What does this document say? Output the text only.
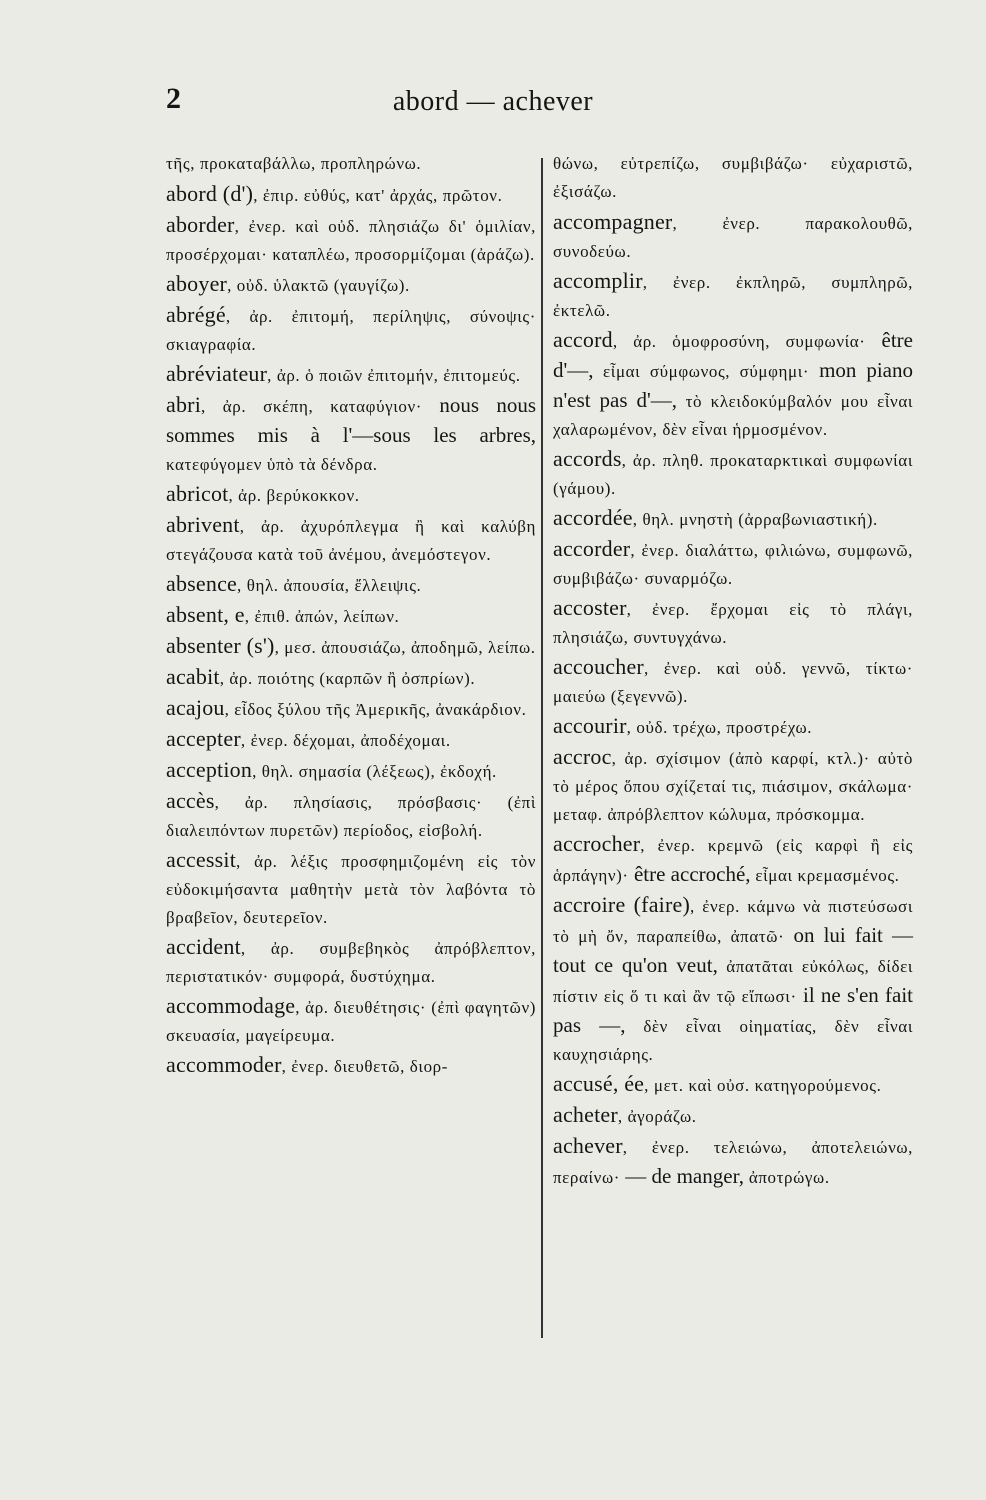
2	abord — achever

τῆς, προκαταβάλλω, προπληρώνω.

abord (d'), ἐπιρ. εὐθύς, κατ' ἀρχάς, πρῶτον.

aborder, ἐνερ. καὶ οὐδ. πλησιάζω δι' ὁμιλίαν, προσέρχομαι· καταπλέω, προσορμίζομαι (ἀράζω).

aboyer, οὐδ. ὑλακτῶ (γαυγίζω).

abrégé, ἀρ. ἐπιτομή, περίληψις, σύνοψις· σκιαγραφία.

abréviateur, ἀρ. ὁ ποιῶν ἐπιτομήν, ἐπιτομεύς.

abri, ἀρ. σκέπη, καταφύγιον· nous nous sommes mis à l'—sous les arbres, κατεφύγομεν ὑπὸ τὰ δένδρα.

abricot, ἀρ. βερύκοκκον.

abrivent, ἀρ. ἀχυρόπλεγμα ἢ καὶ καλύβη στεγάζουσα κατὰ τοῦ ἀνέμου, ἀνεμόστεγον.

absence, θηλ. ἀπουσία, ἔλλειψις.

absent, e, ἐπιθ. ἀπών, λείπων.

absenter (s'), μεσ. ἀπουσιάζω, ἀποδημῶ, λείπω.

acabit, ἀρ. ποιότης (καρπῶν ἢ ὀσπρίων).

acajou, εἶδος ξύλου τῆς Ἀμερικῆς, ἀνακάρδιον.

accepter, ἐνερ. δέχομαι, ἀποδέχομαι.

acception, θηλ. σημασία (λέξεως), ἐκδοχή.

accès, ἀρ. πλησίασις, πρόσβασις· (ἐπὶ διαλειπόντων πυρετῶν) περίοδος, εἰσβολή.

accessit, ἀρ. λέξις προσφημιζομένη εἰς τὸν εὐδοκιμήσαντα μαθητὴν μετὰ τὸν λαβόντα τὸ βραβεῖον, δευτερεῖον.

accident, ἀρ. συμβεβηκὸς ἀπρόβλεπτον, περιστατικόν· συμφορά, δυστύχημα.

accommodage, ἀρ. διευθέτησις· (ἐπὶ φαγητῶν) σκευασία, μαγείρευμα.

accommoder, ἐνερ. διευθετῶ, διορ-

θώνω, εὐτρεπίζω, συμβιβάζω· εὐχαριστῶ, ἐξισάζω.

accompagner, ἐνερ. παρακολουθῶ, συνοδεύω.

accomplir, ἐνερ. ἐκπληρῶ, συμπληρῶ, ἐκτελῶ.

accord, ἀρ. ὁμοφροσύνη, συμφωνία· être d'—, εἶμαι σύμφωνος, σύμφημι· mon piano n'est pas d'—, τὸ κλειδοκύμβαλόν μου εἶναι χαλαρωμένον, δὲν εἶναι ἡρμοσμένον.

accords, ἀρ. πληθ. προκαταρκτικαὶ συμφωνίαι (γάμου).

accordée, θηλ. μνηστὴ (ἀρραβωνιαστική).

accorder, ἐνερ. διαλάττω, φιλιώνω, συμφωνῶ, συμβιβάζω· συναρμόζω.

accoster, ἐνερ. ἔρχομαι εἰς τὸ πλάγι, πλησιάζω, συντυγχάνω.

accoucher, ἐνερ. καὶ οὐδ. γεννῶ, τίκτω· μαιεύω (ξεγεννῶ).

accourir, οὐδ. τρέχω, προστρέχω.

accroc, ἀρ. σχίσιμον (ἀπὸ καρφί, κτλ.)· αὐτὸ τὸ μέρος ὅπου σχίζεταί τις, πιάσιμον, σκάλωμα· μεταφ. ἀπρόβλεπτον κώλυμα, πρόσκομμα.

accrocher, ἐνερ. κρεμνῶ (εἰς καρφὶ ἢ εἰς ἁρπάγην)· être accroché, εἶμαι κρεμασμένος.

accroire (faire), ἐνερ. κάμνω νὰ πιστεύσωσι τὸ μὴ ὄν, παραπείθω, ἀπατῶ· on lui fait — tout ce qu'on veut, ἀπατᾶται εὐκόλως, δίδει πίστιν εἰς ὅ τι καὶ ἂν τῷ εἴπωσι· il ne s'en fait pas —, δὲν εἶναι οἰηματίας, δὲν εἶναι καυχησιάρης.

accusé, ée, μετ. καὶ οὐσ. κατηγορούμενος.

acheter, ἀγοράζω.

achever, ἐνερ. τελειώνω, ἀποτελειώνω, περαίνω· — de manger, ἀποτρώγω.
